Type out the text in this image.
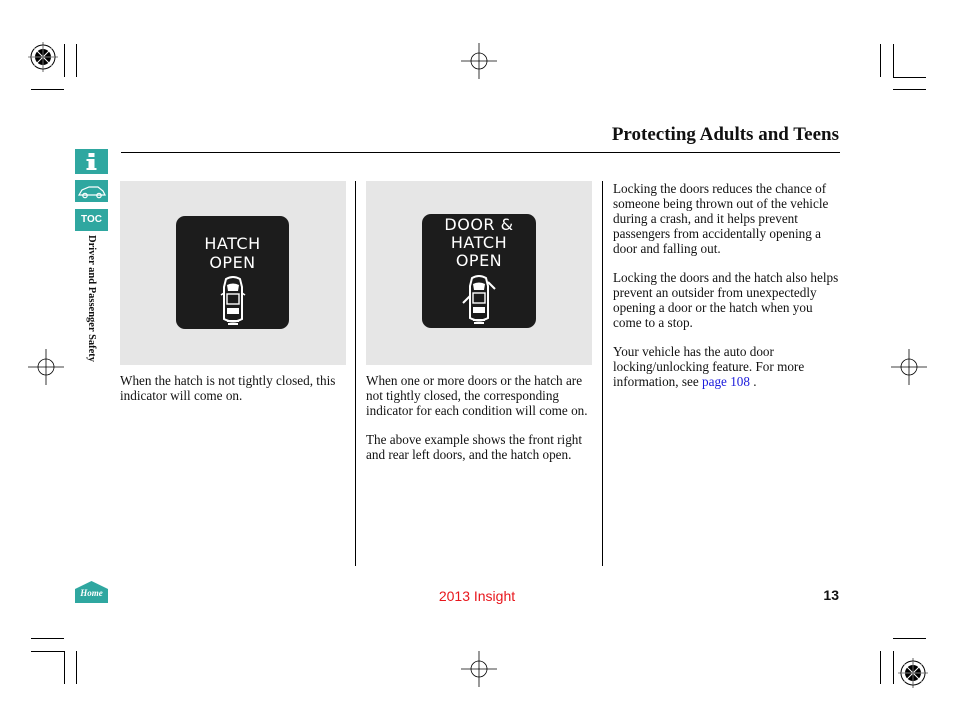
Protecting Adults and Teens
TOC
Driver and Passenger Safety	HATCH
OPEN

When the hatch is not tightly closed, this indicator will come on.

DOOR &
HATCH
OPEN

When one or more doors or the hatch are not tightly closed, the corresponding indicator for each condition will come on.

The above example shows the front right and rear left doors, and the hatch open.

Locking the doors reduces the chance of someone being thrown out of the vehicle during a crash, and it helps prevent passengers from accidentally opening a door and falling out.

Locking the doors and the hatch also helps prevent an outsider from unexpectedly opening a door or the hatch when you come to a stop.

Your vehicle has the auto door locking/unlocking feature. For more information, see page 108 .

Home	2013 Insight	13
